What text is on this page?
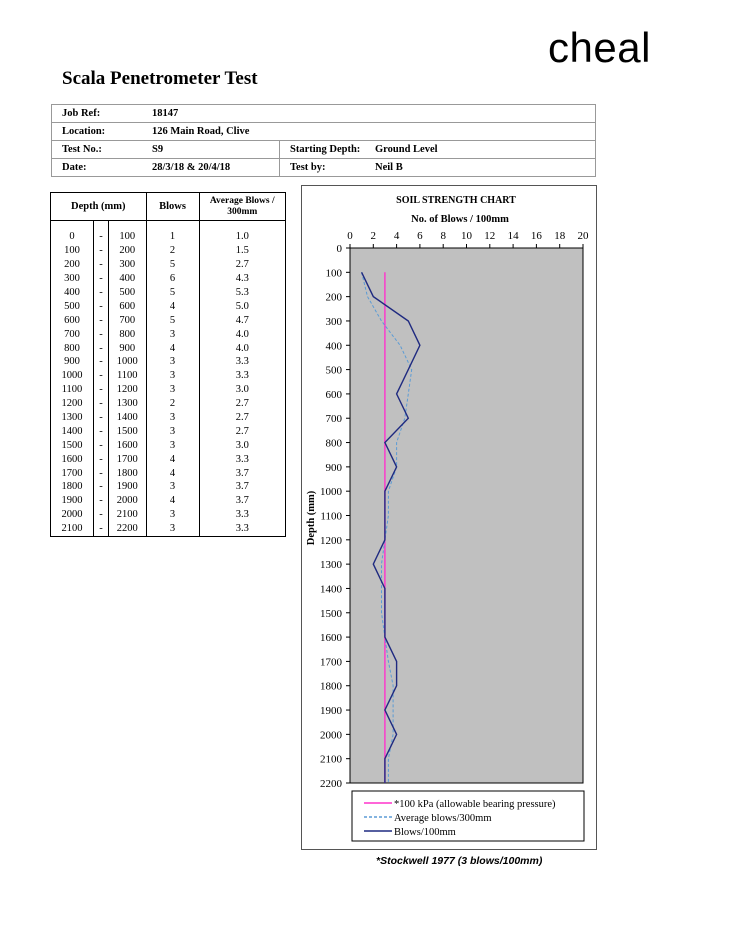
cheal
Scala Penetrometer Test
Job Ref:	18147		
Location:	126 Main Road, Clive		
Test No.:	S9	Starting Depth:	Ground Level
Date:	28/3/18 & 20/4/18	Test by:	Neil B
Depth (mm)			Blows	Average Blows / 300mm

0	-	100	1	1.0
100	-	200	2	1.5
200	-	300	5	2.7
300	-	400	6	4.3
400	-	500	5	5.3
500	-	600	4	5.0
600	-	700	5	4.7
700	-	800	3	4.0
800	-	900	4	4.0
900	-	1000	3	3.3
1000	-	1100	3	3.3
1100	-	1200	3	3.0
1200	-	1300	2	2.7
1300	-	1400	3	2.7
1400	-	1500	3	2.7
1500	-	1600	3	3.0
1600	-	1700	4	3.3
1700	-	1800	4	3.7
1800	-	1900	3	3.7
1900	-	2000	4	3.7
2000	-	2100	3	3.3
2100	-	2200	3	3.3
SOIL STRENGTH CHART
No. of Blows / 100mm
Depth (mm)
0 2 4 6 8 10 12 14 16 18 20
0
100
200
300
400
500
600
700
800
900
1000
1100
1200
1300
1400
1500
1600
1700
1800
1900
2000
2100
2200
*100 kPa (allowable bearing pressure)
Average blows/300mm
Blows/100mm
*Stockwell 1977 (3 blows/100mm)
